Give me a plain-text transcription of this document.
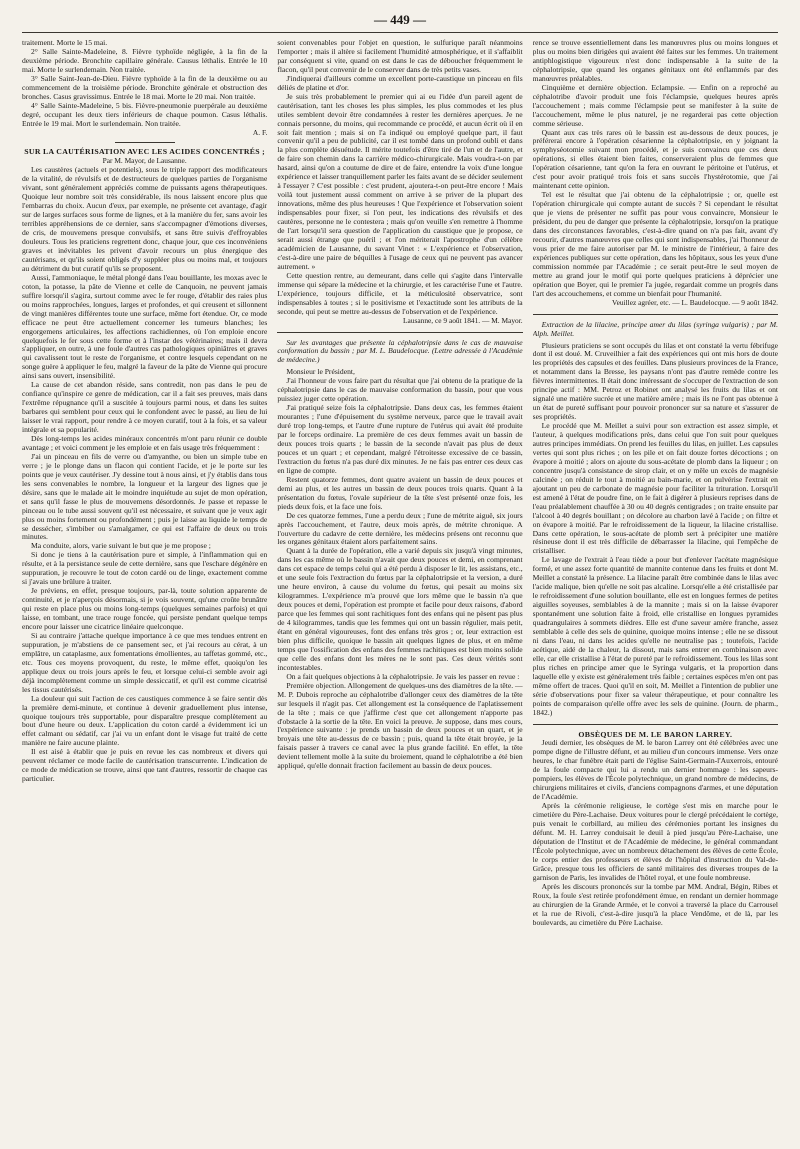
— 449 —

traitement. Morte le 15 mai.

2° Salle Sainte-Madeleine, 8. Fièvre typhoïde négligée, à la fin de la deuxième période. Bronchite capillaire générale. Causus léthalis. Entrée le 10 mai. Morte le surlendemain. Non traitée.

3° Salle Saint-Jean-de-Dieu. Fièvre typhoïde à la fin de la deuxième ou au commencement de la troisième période. Bronchite générale et obstruction des bronches. Casus gravissimus. Entrée le 18 mai. Morte le 20 mai. Non traitée.

4° Salle Sainte-Madeleine, 5 bis. Fièvre-pneumonie puerpérale au deuxième degré, occupant les deux tiers inférieurs de chaque poumon. Casus léthalis. Entrée le 19 mai. Mort le surlendemain. Non traitée.

A. F.

SUR LA CAUTÉRISATION AVEC LES ACIDES CONCENTRÉS ;

Par M. Mayor, de Lausanne.

Les caustères (actuels et potentiels), sous le triple rapport des modificateurs de la vitalité, de révulsifs et de destructeurs de quelques parties de l'organisme vivant, sont généralement appréciés comme de puissants agens thérapeutiques. Quoique leur nombre soit très considérable, ils nous laissent encore plus que l'embarras du choix. Aucun d'eux, par exemple, ne présente cet avantage, d'agir sur de larges surfaces sous forme de lignes, et à la manière du fer, sans avoir les terribles appréhensions de ce dernier, sans s'accompagner d'émotions diverses, de cris, de mouvemens presque convulsifs, et sans être suivis d'effroyables douleurs. Tous les praticiens regrettent donc, chaque jour, que ces inconvéniens graves et inévitables les privent d'avoir recours un plus énergique des cautérisans, et qu'ils soient obligés d'y suppléer plus ou moins mal, et toujours au détriment du but curatif qu'ils se proposent.

Aussi, l'ammoniaque, le métal plongé dans l'eau bouillante, les moxas avec le coton, la potasse, la pâte de Vienne et celle de Canquoin, ne peuvent jamais suffire lorsqu'il s'agira, surtout comme avec le fer rouge, d'établir des raies plus ou moins rapprochées, longues, larges et profondes, et qui creusent et sillonnent de vingt manières différentes toute une surface, même fort étendue. Or, ce mode efficace ne peut être actuellement concerner les tumeurs blanches; les engorgemens articulaires, les affections rachidiennes, où l'on emploie encore quelquefois le fer sous cette forme et à l'instar des vétérinaires; mais il devra s'appliquer, en outre, à une foule d'autres cas pathologiques opiniâtres et graves qui cavalissent tout le reste de l'organisme, et contre lesquels cependant on ne songe guère à appliquer le feu, malgré la faveur de la pâte de Vienne qui procure ainsi sans ouvert, insensibilité.

La cause de cet abandon réside, sans contredit, non pas dans le peu de confiance qu'inspire ce genre de médication, car il a fait ses preuves, mais dans l'extrême répugnance qu'il a suscitée à toujours parmi nous, et dans les suites barbares qui semblent pour ceux qui le confondent avec le passé, au lieu de lui laisser le vrai rapport, pour rendre à ce moyen curatif, tout à la fois, et sa valeur intégrale et sa popularité.

Dès long-temps les acides minéraux concentrés m'ont paru réunir ce double avantage ; et voici comment je les emploie et en fais usage très fréquemment :

J'ai un pinceau en fils de verre ou d'amyanthe, ou bien un simple tube en verre ; je le plonge dans un flacon qui contient l'acide, et je le porte sur les points que je veux cautériser. J'y dessine tout à nous ainsi, et j'y établis dans tous les sens convenables le nombre, la longueur et la largeur des lignes que je désire, sans que le malade ait le moindre inquiétude au sujet de mon opération, et sans qu'il fasse le plus de mouvemens désordonnés. Je passe et repasse le pinceau ou le tube aussi souvent qu'il est nécessaire, et suivant que je veux agir plus ou moins fortement ou profondément ; puis je laisse au liquide le temps de se dessécher, s'imbiber ou s'amalgamer, ce qui est l'affaire de deux ou trois minutes.

Ma conduite, alors, varie suivant le but que je me propose ;

Si donc je tiens à la cautérisation pure et simple, à l'inflammation qui en résulte, et à la persistance seule de cette dernière, sans que l'eschare dégénère en suppuration, je recouvre le tout de coton cardé ou de linge, exactement comme si j'avais une brûlure à traiter.

Je préviens, en effet, presque toujours, par-là, toute solution apparente de continuité, et je n'aperçois désormais, si je vois souvent, qu'une croûte brunâtre qui reste en place plus ou moins long-temps (quelques semaines parfois) et qui laisse, en tombant, une trace rouge foncée, qui persiste pendant quelque temps encore pour laisser une cicatrice linéaire quelconque.

Si au contraire j'attache quelque importance à ce que mes tendues entrent en suppuration, je m'abstiens de ce pansement sec, et j'ai recours au cérat, à un emplâtre, un cataplasme, aux fomentations émollientes, au taffetas gommé, etc., etc. Tous ces moyens provoquent, du reste, le même effet, quoiqu'on les applique deux ou trois jours après le feu, et lorsque celui-ci semble avoir agi déjà incomplètement comme un simple dessiccatif, et qu'il est comme cicatrisé les tissus cautérisés.

La douleur qui suit l'action de ces caustiques commence à se faire sentir dès la première demi-minute, et continue à devenir graduellement plus intense, quoique toujours très supportable, pour disparaître presque complètement au bout d'une heure ou deux. L'application du coton cardé a évidemment ici un effet calmant ou sédatif, car j'ai vu un enfant dont le visage fut traité de cette manière ne faire aucune plainte.

Il est aisé à établir que je puis en revue les cas nombreux et divers qui peuvent réclamer ce mode facile de cautérisation transcurrente. L'indication de ce mode de médication se trouve, ainsi que tant d'autres, ressortir de chaque cas particulier.

soient convenables pour l'objet en question, le sulfurique paraît néanmoins l'emporter ; mais il altère si facilement l'humidité atmosphérique, et il s'affaiblit par conséquent si vite, quand on est dans le cas de déboucher fréquemment le flacon, qu'il peut convenir de le conserver dans de très petits vases.

J'indiquerai d'ailleurs comme un excellent porte-caustique un pinceau en fils déliés de platine et d'or.

Je suis très probablement le premier qui ai eu l'idée d'un pareil agent de cautérisation, tant les choses les plus simples, les plus commodes et les plus utiles semblent devoir être condamnées à rester les dernières aperçues. Je ne connais personne, du moins, qui recommande ce procédé, et aucun écrit où il en soit fait mention ; mais si on l'a indiqué ou employé quelque part, il faut convenir qu'il a peu de publicité, car il est tombé dans un profond oubli et dans la plus complète désuétude. Il mérite toutefois d'être tiré de l'un et de l'autre, et de faire son chemin dans la carrière médico-chirurgicale. Mais voudra-t-on par hasard, ainsi qu'on a coutume de dire et de faire, entendre la voix d'une longue expérience et laisser tranquillement parler les faits avant de se décider seulement à l'essayer ? C'est possible : c'est prudent, ajoutera-t-on peut-être encore ! Mais voilà tout justement aussi comment on arrive à se priver de la plupart des innovations, même des plus heureuses ! Que l'expérience et l'observation soient indispensables pour fixer, si l'on peut, les indications des révulsifs et des cautères, personne ne le contestera ; mais qu'on veuille s'en remettre à l'homme de l'art lorsqu'il sera question de l'application du caustique que je propose, ce serait aussi étrange que puéril ; et l'on mériterait l'apostrophe d'un célèbre académicien de Lausanne, du savant Vinet : « L'expérience et l'observation, c'est-à-dire une paire de béquilles à l'usage de ceux qui ne peuvent pas avancer autrement. »

Cette question rentre, au demeurant, dans celle qui s'agite dans l'intervalle immense qui sépare la médecine et la chirurgie, et les caractérise l'une et l'autre. L'expérience, toujours difficile, et la méticulosité observatrice, sont indispensables à toutes ; si le positivisme et l'exactitude sont les attributs de la seconde, qui peut se mettre au-dessus de l'observation et de l'expérience.

Lausanne, ce 9 août 1841. — M. Mayor.

Sur les avantages que présente la céphalotripsie dans le cas de mauvaise conformation du bassin ; par M. L. Baudelocque. (Lettre adressée à l'Académie de médecine.)

Monsieur le Président,

J'ai l'honneur de vous faire part du résultat que j'ai obtenu de la pratique de la céphalotripsie dans le cas de mauvaise conformation du bassin, pour que vous puissiez juger cette opération.

J'ai pratiqué seize fois la céphalotripsie. Dans deux cas, les femmes étaient mourantes ; l'une d'épuisement du système nerveux, parce que le travail avait duré trop long-temps, et l'autre d'une rupture de l'utérus qui avait été produite par le forceps ordinaire. La première de ces deux femmes avait un bassin de deux pouces trois quarts ; le bassin de la seconde n'avait pas plus de deux pouces et un quart ; et cependant, malgré l'étroitesse excessive de ce bassin, l'extraction du fœtus n'a pas duré dix minutes. Je ne fais pas entrer ces deux cas en ligne de compte.

Restent quatorze femmes, dont quatre avaient un bassin de deux pouces et demi au plus, et les autres un bassin de deux pouces trois quarts. Quant à la présentation du fœtus, l'ovale supérieur de la tête s'est présenté onze fois, les pieds deux fois, et la face une fois.

De ces quatorze femmes, l'une a perdu deux ; l'une de métrite aiguë, six jours après l'accouchement, et l'autre, deux mois après, de métrite chronique. A l'ouverture du cadavre de cette dernière, les médecins présens ont reconnu que les organes génitaux étaient alors parfaitement sains.

Quant à la durée de l'opération, elle a varié depuis six jusqu'à vingt minutes, dans les cas même où le bassin n'avait que deux pouces et demi, en comprenant dans cet espace de temps celui qui a été perdu à disposer le lit, les assistans, etc., et une seule fois l'extraction du fœtus par la céphalotripsie et la version, a duré une heure environ, à cause du volume du fœtus, qui pesait au moins six kilogrammes. L'expérience m'a prouvé que lors même que le bassin n'a que deux pouces et demi, l'opération est prompte et facile pour deux raisons, d'abord parce que les femmes qui sont rachitiques font des enfans qui ne pèsent pas plus de 4 kilogrammes, tandis que les femmes qui ont un bassin régulier, mais petit, étant en général vigoureuses, font des enfans très gros ; or, leur extraction est bien plus difficile, quoique le bassin ait quelques lignes de plus, et en même temps que l'ossification des enfans des femmes rachitiques est bien moins solide que celle des enfans dont les mères ne le sont pas. Ces deux vérités sont incontestables.

On a fait quelques objections à la céphalotripsie. Je vais les passer en revue :

Première objection. Allongement de quelques-uns des diamètres de la tête. — M. P. Dubois reproche au céphalotribe d'allonger ceux des diamètres de la tête sur lesquels il n'agit pas. Cet allongement est la conséquence de l'aplatissement de la tête ; mais ce que j'affirme c'est que cet allongement n'apporte pas d'obstacle à la sortie de la tête. En voici la preuve. Je suppose, dans mes cours, l'expérience suivante : je prends un bassin de deux pouces et un quart, et je broyais une tête au-dessus de ce bassin ; puis, quand la tête était broyée, je la faisais passer à travers ce canal avec la plus grande facilité. En effet, la tête devient tellement molle à la suite du broiement, quand le céphalotribe a été bien appliqué, qu'elle donnait fraction facilement au bassin de deux pouces.

rence se trouve essentiellement dans les manœuvres plus ou moins longues et plus ou moins bien dirigées qui avaient été faites sur les femmes. Un traitement antiphlogistique vigoureux n'est donc indispensable à la suite de la céphalotripsie, que quand les organes génitaux ont été enflammés par des manœuvres préalables.

Cinquième et dernière objection. Eclampsie. — Enfin on a reproché au céphalotribe d'avoir produit une fois l'éclampsie, quelques heures après l'accouchement ; mais comme l'éclampsie peut se manifester à la suite de l'accouchement, même le plus naturel, je ne regarderai pas cette objection comme sérieuse.

Quant aux cas très rares où le bassin est au-dessous de deux pouces, je préférerai encore à l'opération césarienne la céphalotripsie, en y joignant la symphyséotomie suivant mon procédé, et je suis convaincu que ces deux opérations, si elles étaient bien faites, conserveraient plus de femmes que l'opération césarienne, tant qu'on la fera en ouvrant le péritoine et l'utérus, et c'est pour avoir pratiqué trois fois et sans succès l'hystérotomie, que j'ai maintenant cette opinion.

Tel est le résultat que j'ai obtenu de la céphalotripsie ; or, quelle est l'opération chirurgicale qui compte autant de succès ? Si cependant le résultat que je viens de présenter ne suffit pas pour vous convaincre, Monsieur le président, du peu de danger que présente la céphalotripsie, lorsqu'on la pratique dans des circonstances favorables, c'est-à-dire quand on n'a pas fait, avant d'y recourir, d'autres manœuvres que celles qui sont indispensables, j'ai l'honneur de vous prier de me faire autoriser par M. le ministre de l'intérieur, à faire des expériences publiques sur cette opération, dans les hôpitaux, sous les yeux d'une commission nommée par l'Académie ; ce serait peut-être le seul moyen de mettre au grand jour le motif qui porte quelques praticiens à déprécier une opération que Boyer, qui le premier l'a jugée, regardait comme un progrès dans l'art des accouchemens, et comme un bienfait pour l'humanité.

Veuillez agréer, etc. — L. Baudelocque. — 9 août 1842.

Extraction de la lilacine, principe amer du lilas (syringa vulgaris) ; par M. Alph. Meillet.

Plusieurs praticiens se sont occupés du lilas et ont constaté la vertu fébrifuge dont il est doué. M. Cruveilhier a fait des expériences qui ont mis hors de doute les propriétés des capsules et des feuilles. Dans plusieurs provinces de la France, et notamment dans la Bresse, les paysans n'ont pas d'autre remède contre les fièvres intermittentes. Il était donc intéressant de s'occuper de l'extraction de son principe actif : MM. Petroz et Robinet ont analysé les fruits du lilas et ont signalé une matière sucrée et une matière amère ; mais ils ne l'ont pas obtenue à un état de pureté suffisant pour pouvoir prononcer sur sa nature et s'assurer de ses propriétés.

Le procédé que M. Meillet a suivi pour son extraction est assez simple, et l'auteur, à quelques modifications près, dans celui que l'on suit pour quelques autres principes immédiats. On prend les feuilles du lilas, en juillet. Les capsules vertes qui sont plus riches ; on les pile et on fait douze fortes décoctions ; on évapore à moitié ; alors on ajoute du sous-acétate de plomb dans la liqueur ; on concentre jusqu'à consistance de sirop clair, et on y mêle un excès de magnésie calcinée ; on réduit le tout à moitié au bain-marie, et on pulvérise l'extrait en ajoutant un peu de carbonate de magnésie pour faciliter la trituration. Lorsqu'il est amené à l'état de poudre fine, on le fait à digérer à plusieurs reprises dans de l'eau préalablement chauffée à 30 ou 40 degrés centigrades ; on traite ensuite par l'alcool à 40 degrés bouillant ; on décolore au charbon lavé à l'acide ; on filtre et on évapore à moitié. Par le refroidissement de la liqueur, la lilacine cristallise. Dans cette opération, le sous-acétate de plomb sert à précipiter une matière résineuse dont il est très difficile de débarrasser la lilacine, qui l'empêche de cristalliser.

Le lavage de l'extrait à l'eau tiède a pour but d'enlever l'acétate magnésique formé, et une assez forte quantité de mannite contenue dans les fruits et dont M. Meillet a constaté la présence. La lilacine paraît être combinée dans le lilas avec l'acide malique, bien qu'elle ne soit pas alcaline. Lorsqu'elle a été cristallisée par le refroidissement d'une solution bouillante, elle est en longues fermes de petites aiguilles soyeuses, semblables à de la mannite ; mais si on la laisse évaporer spontanément une solution faite à froid, elle cristallise en longues pyramides quadrangulaires à sommets dièdres. Elle est d'une saveur amère franche, assez semblable à celle des sels de quinine, quoique moins intense ; elle ne se dissout ni dans l'eau, ni dans les acides qu'elle ne neutralise pas ; toutefois, l'acide acétique, aidé de la chaleur, la dissout, mais sans entrer en combinaison avec elle, car elle cristallise à l'état de pureté par le refroidissement. Tous les lilas sont plus riches en principe amer que le Syringa vulgaris, et la proportion dans laquelle elle y existe est généralement très faible ; certaines espèces m'en ont pas même offert de traces. Quoi qu'il en soit, M. Meillet a l'intention de publier une série d'observations pour fixer sa valeur thérapeutique, et pour connaître les points de comparaison qu'elle offre avec les sels de quinine. (Journ. de pharm., 1842.)

OBSÈQUES DE M. LE BARON LARREY.

Jeudi dernier, les obsèques de M. le baron Larrey ont été célébrées avec une pompe digne de l'illustre défunt, et au milieu d'un concours immense. Vers onze heures, le char funèbre était parti de l'église Saint-Germain-l'Auxerrois, entouré de la foule compacte qui lui a rendu un dernier hommage : les sapeurs-pompiers, les élèves de l'École polytechnique, un grand nombre de médecins, de chirurgiens militaires et civils, d'anciens compagnons d'armes, et une députation de l'Académie.

Après la cérémonie religieuse, le cortège s'est mis en marche pour le cimetière du Père-Lachaise. Deux voitures pour le clergé précédaient le cortège, puis venait le corbillard, au milieu des cérémonies portant les insignes du défunt. M. H. Larrey conduisait le deuil à pied jusqu'au Père-Lachaise, une députation de l'Institut et de l'Académie de médecine, le général commandant l'École polytechnique, avec un nombreux détachement des élèves de cette École, le corps entier des professeurs et élèves de l'hôpital d'instruction du Val-de-Grâce, presque tous les officiers de santé militaires des diverses troupes de la garnison de Paris, les invalides de l'hôtel royal, et une foule nombreuse.

Après les discours prononcés sur la tombe par MM. Andral, Bégin, Ribes et Roux, la foule s'est retirée profondément émue, en rendant un dernier hommage au chirurgien de la Grande Armée, et le convoi a traversé la place du Carrousel et la rue de Rivoli, c'est-à-dire jusqu'à la place Vendôme, et de là, par les boulevards, au cimetière du Père Lachaise.
